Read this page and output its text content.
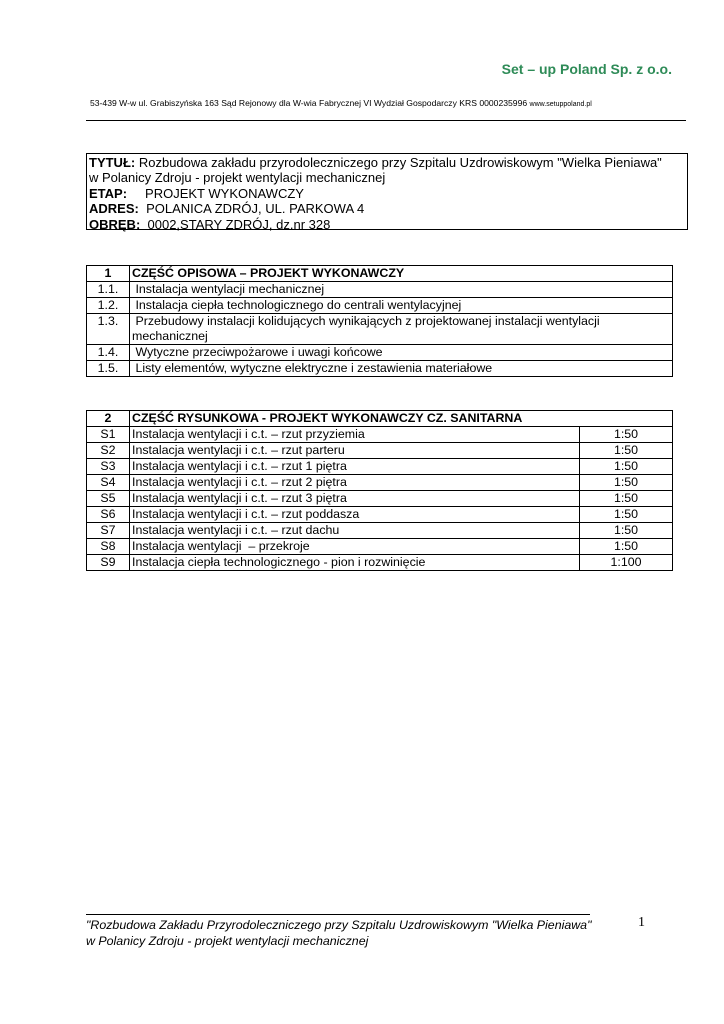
Set – up Poland Sp. z o.o.
53-439 W-w ul. Grabiszyńska 163 Sąd Rejonowy dla W-wia Fabrycznej VI Wydział Gospodarczy KRS 0000235996 www.setuppoland.pl
TYTUŁ: Rozbudowa zakładu przyrodoleczniczego przy Szpitalu Uzdrowiskowym "Wielka Pieniawa"
w Polanicy Zdroju - projekt wentylacji mechanicznej
ETAP: PROJEKT WYKONAWCZY
ADRES: POLANICA ZDRÓJ, UL. PARKOWA 4
OBRĘB: 0002,STARY ZDRÓJ, dz.nr 328
1	CZĘŚĆ OPISOWA – PROJEKT WYKONAWCZY
1.1.	Instalacja wentylacji mechanicznej
1.2.	Instalacja ciepła technologicznego do centrali wentylacyjnej
1.3.	Przebudowy instalacji kolidujących wynikających z projektowanej instalacji wentylacji mechanicznej
1.4.	Wytyczne przeciwpożarowe i uwagi końcowe
1.5.	Listy elementów, wytyczne elektryczne i zestawienia materiałowe
2	CZĘŚĆ RYSUNKOWA - PROJEKT WYKONAWCZY CZ. SANITARNA	
S1	Instalacja wentylacji i c.t. – rzut przyziemia	1:50
S2	Instalacja wentylacji i c.t. – rzut parteru	1:50
S3	Instalacja wentylacji i c.t. – rzut 1 piętra	1:50
S4	Instalacja wentylacji i c.t. – rzut 2 piętra	1:50
S5	Instalacja wentylacji i c.t. – rzut 3 piętra	1:50
S6	Instalacja wentylacji i c.t. – rzut poddasza	1:50
S7	Instalacja wentylacji i c.t. – rzut dachu	1:50
S8	Instalacja wentylacji  – przekroje	1:50
S9	Instalacja ciepła technologicznego - pion i rozwinięcie	1:100
"Rozbudowa Zakładu Przyrodoleczniczego przy Szpitalu Uzdrowiskowym "Wielka Pieniawa"
w Polanicy Zdroju - projekt wentylacji mechanicznej
1
